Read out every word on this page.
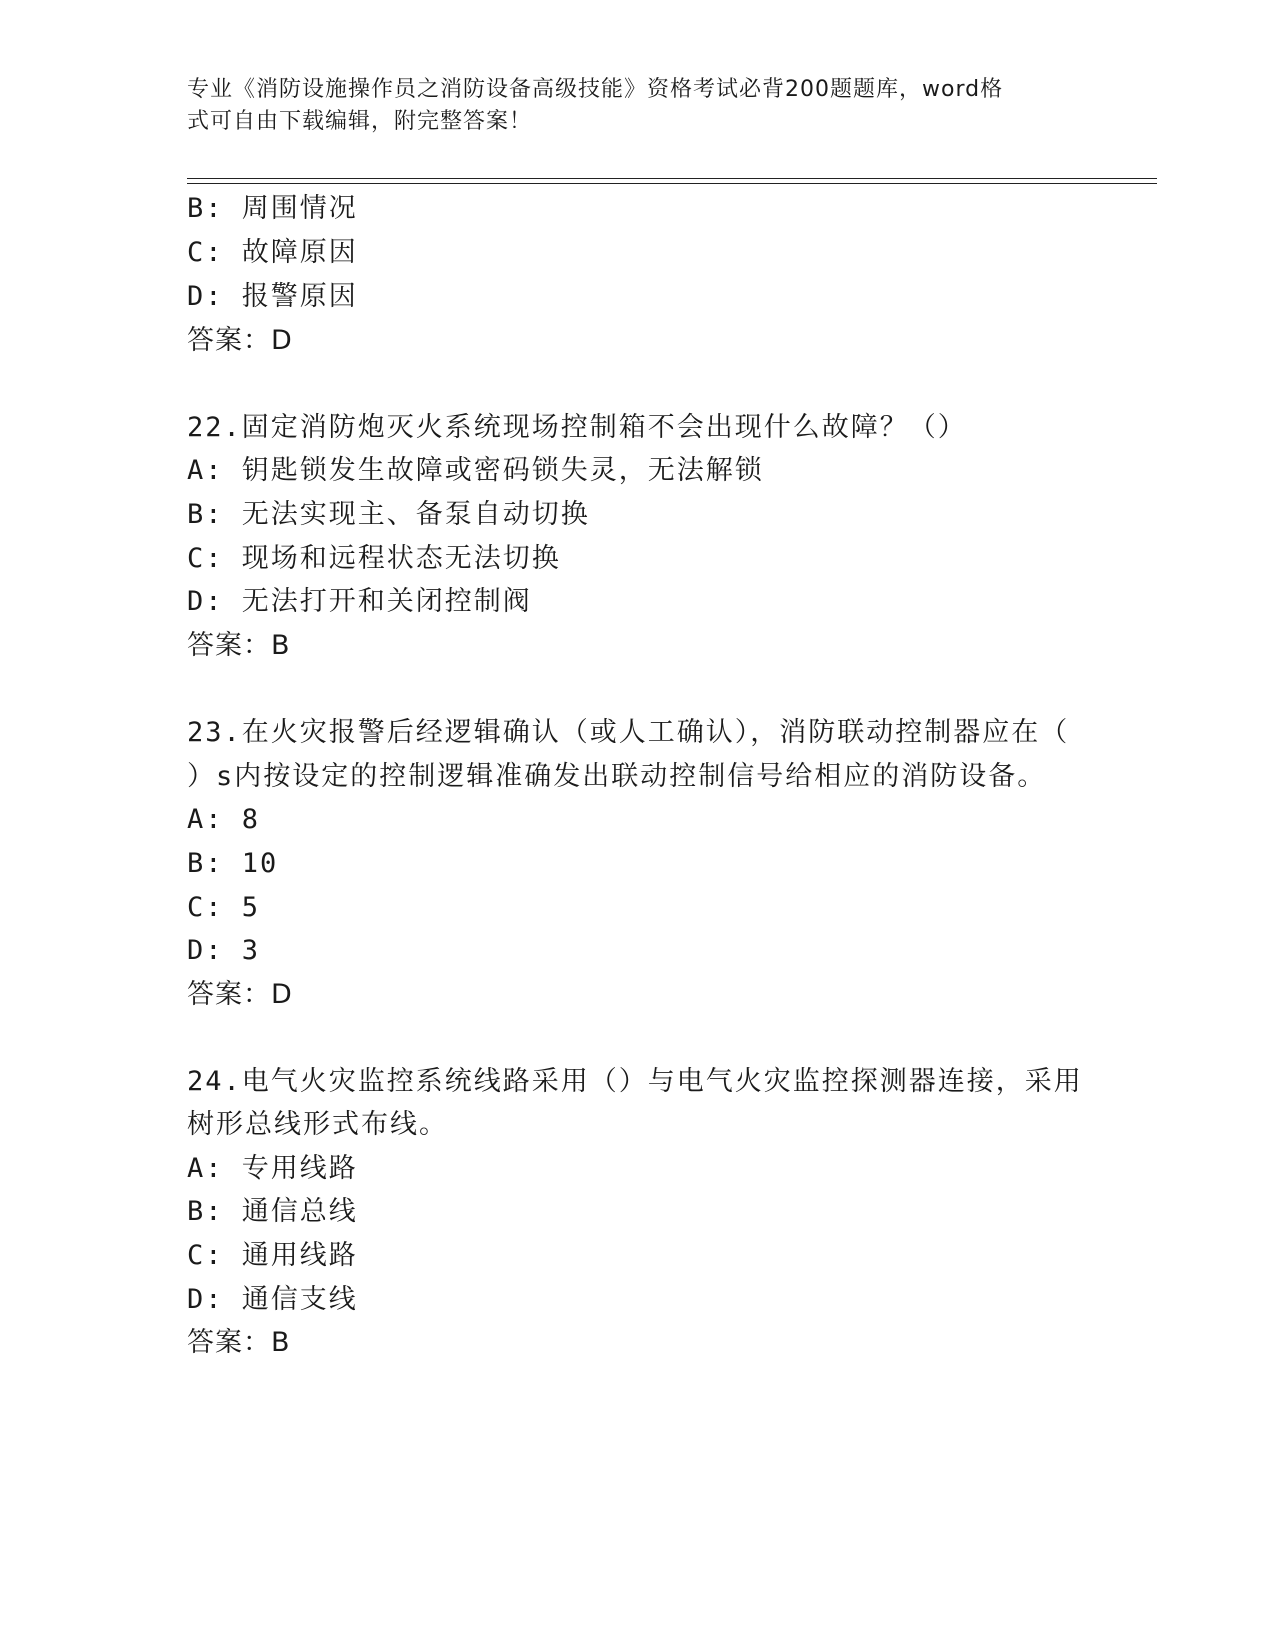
专业《消防设施操作员之消防设备高级技能》资格考试必背200题题库，word格
式可自由下载编辑，附完整答案！
B: 周围情况
C: 故障原因
D: 报警原因
答案：D
22.固定消防炮灭火系统现场控制箱不会出现什么故障？（）
A: 钥匙锁发生故障或密码锁失灵，无法解锁
B: 无法实现主、备泵自动切换
C: 现场和远程状态无法切换
D: 无法打开和关闭控制阀
答案：B
23.在火灾报警后经逻辑确认（或人工确认），消防联动控制器应在（
）s内按设定的控制逻辑准确发出联动控制信号给相应的消防设备。
A: 8
B: 10
C: 5
D: 3
答案：D
24.电气火灾监控系统线路采用（）与电气火灾监控探测器连接，采用
树形总线形式布线。
A: 专用线路
B: 通信总线
C: 通用线路
D: 通信支线
答案：B
